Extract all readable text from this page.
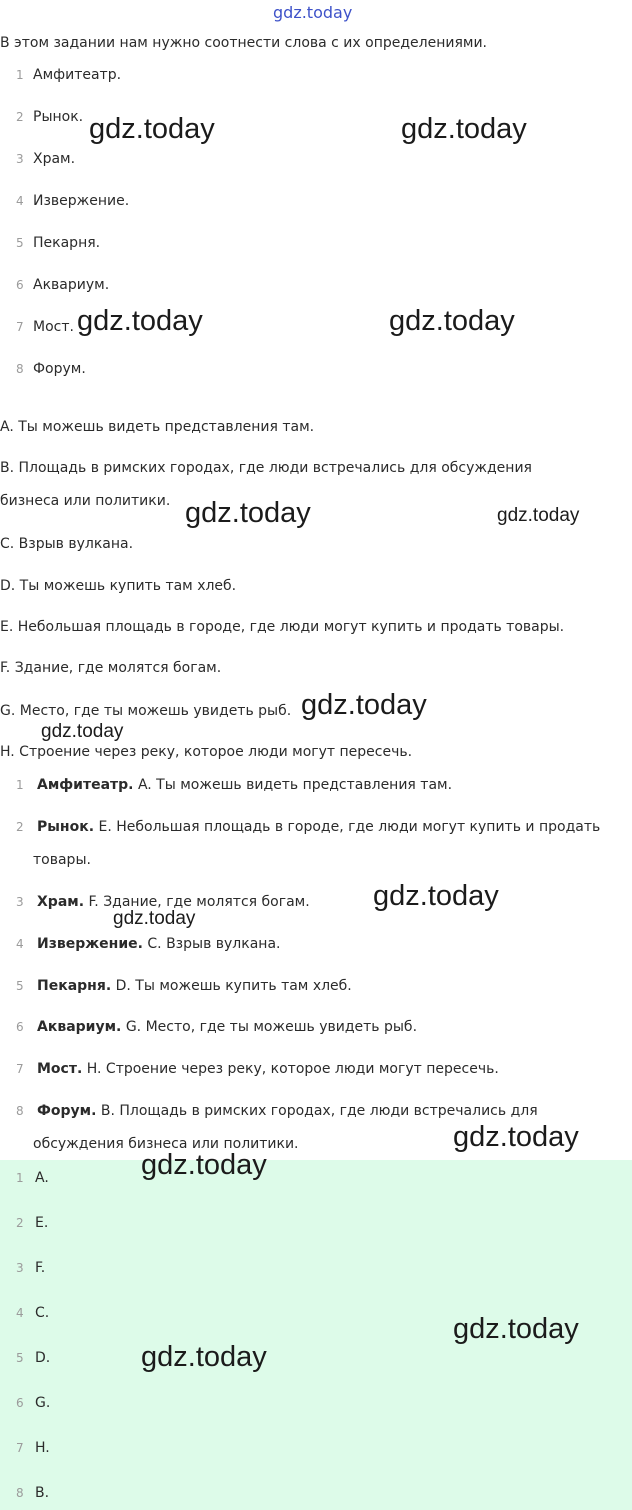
gdz.today
В этом задании нам нужно соотнести слова с их определениями.
1 Амфитеатр.
2 Рынок.
3 Храм.
4 Извержение.
5 Пекарня.
6 Аквариум.
7 Мост.
8 Форум.
A. Ты можешь видеть представления там.
B. Площадь в римских городах, где люди встречались для обсуждения
бизнеса или политики.
C. Взрыв вулкана.
D. Ты можешь купить там хлеб.
E. Небольшая площадь в городе, где люди могут купить и продать товары.
F. Здание, где молятся богам.
G. Место, где ты можешь увидеть рыб.
H. Строение через реку, которое люди могут пересечь.
1 Амфитеатр. A. Ты можешь видеть представления там.
2 Рынок. E. Небольшая площадь в городе, где люди могут купить и продать
товары.
3 Храм. F. Здание, где молятся богам.
4 Извержение. C. Взрыв вулкана.
5 Пекарня. D. Ты можешь купить там хлеб.
6 Аквариум. G. Место, где ты можешь увидеть рыб.
7 Мост. H. Строение через реку, которое люди могут пересечь.
8 Форум. B. Площадь в римских городах, где люди встречались для
обсуждения бизнеса или политики.
1 A.
2 E.
3 F.
4 C.
5 D.
6 G.
7 H.
8 B.
gdz.today	gdz.today
gdz.today	gdz.today
gdz.today	gdz.today
gdz.today
gdz.today
gdz.today
gdz.today
gdz.today
gdz.today
gdz.today
gdz.today
